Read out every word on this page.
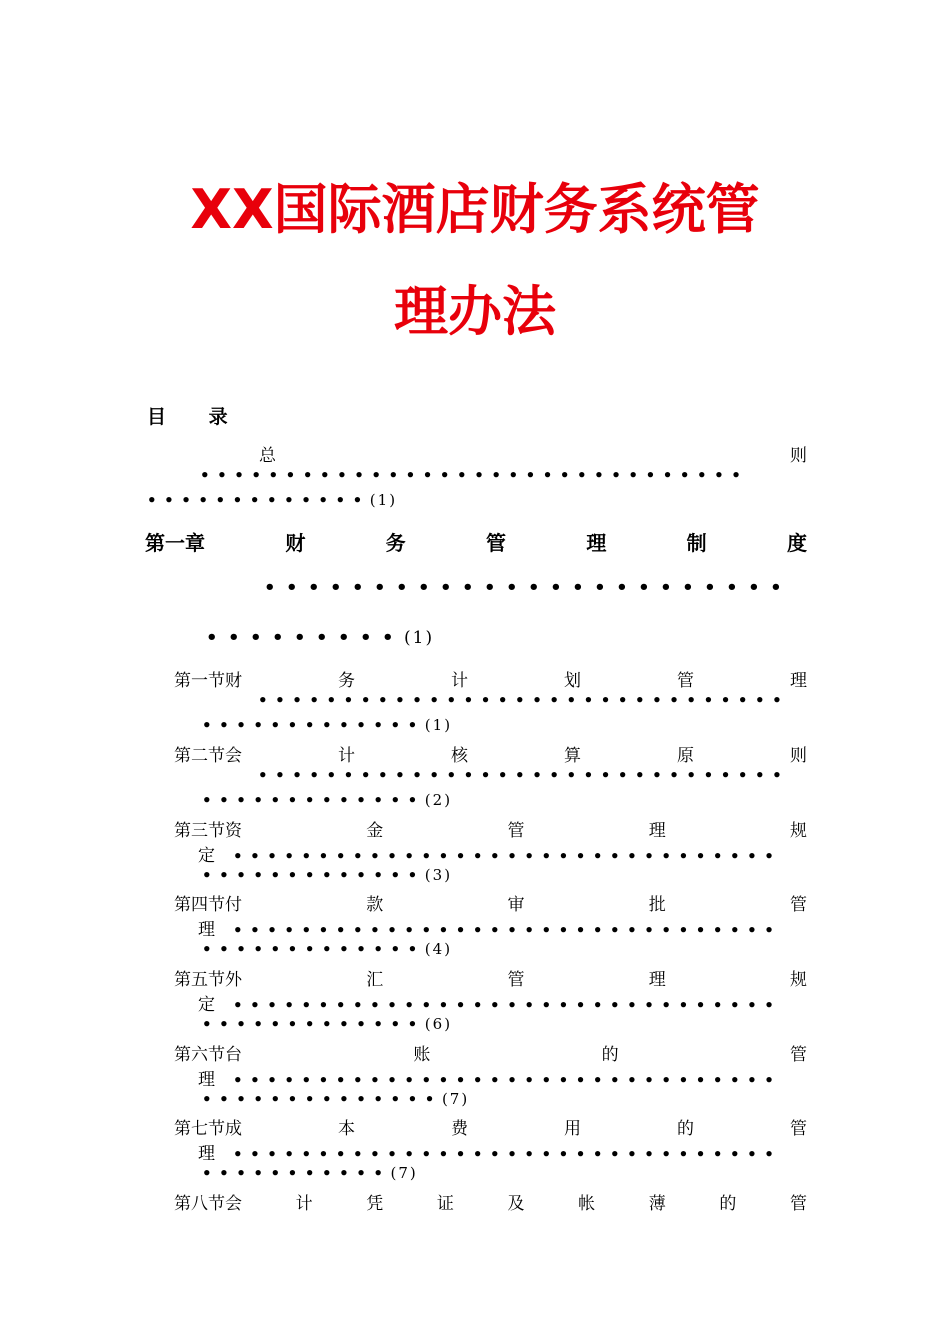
XX国际酒店财务系统管
理办法
目 录
总	则
••••••••••••••••••••••••••••••••
•••••••••••••(1)
第一章	财	务	管	理	制	度
••••••••••••••••••••••••
•••••••••(1)
第一节 财	务	计	划	管	理
•••••••••••••••••••••••••••••••
•••••••••••••(1)
第二节 会	计	核	算	原	则
•••••••••••••••••••••••••••••••
•••••••••••••(2)
第三节 资	金	管	理	规
定••••••••••••••••••••••••••••••••
•••••••••••••(3)
第四节 付	款	审	批	管
理••••••••••••••••••••••••••••••••
•••••••••••••(4)
第五节 外	汇	管	理	规
定••••••••••••••••••••••••••••••••
•••••••••••••(6)
第六节 台	账	的	管
理••••••••••••••••••••••••••••••••
••••••••••••••(7)
第七节 成	本	费	用	的	管
理••••••••••••••••••••••••••••••••
•••••••••••(7)
第八节 会	计	凭	证	及	帐	薄	的	管
